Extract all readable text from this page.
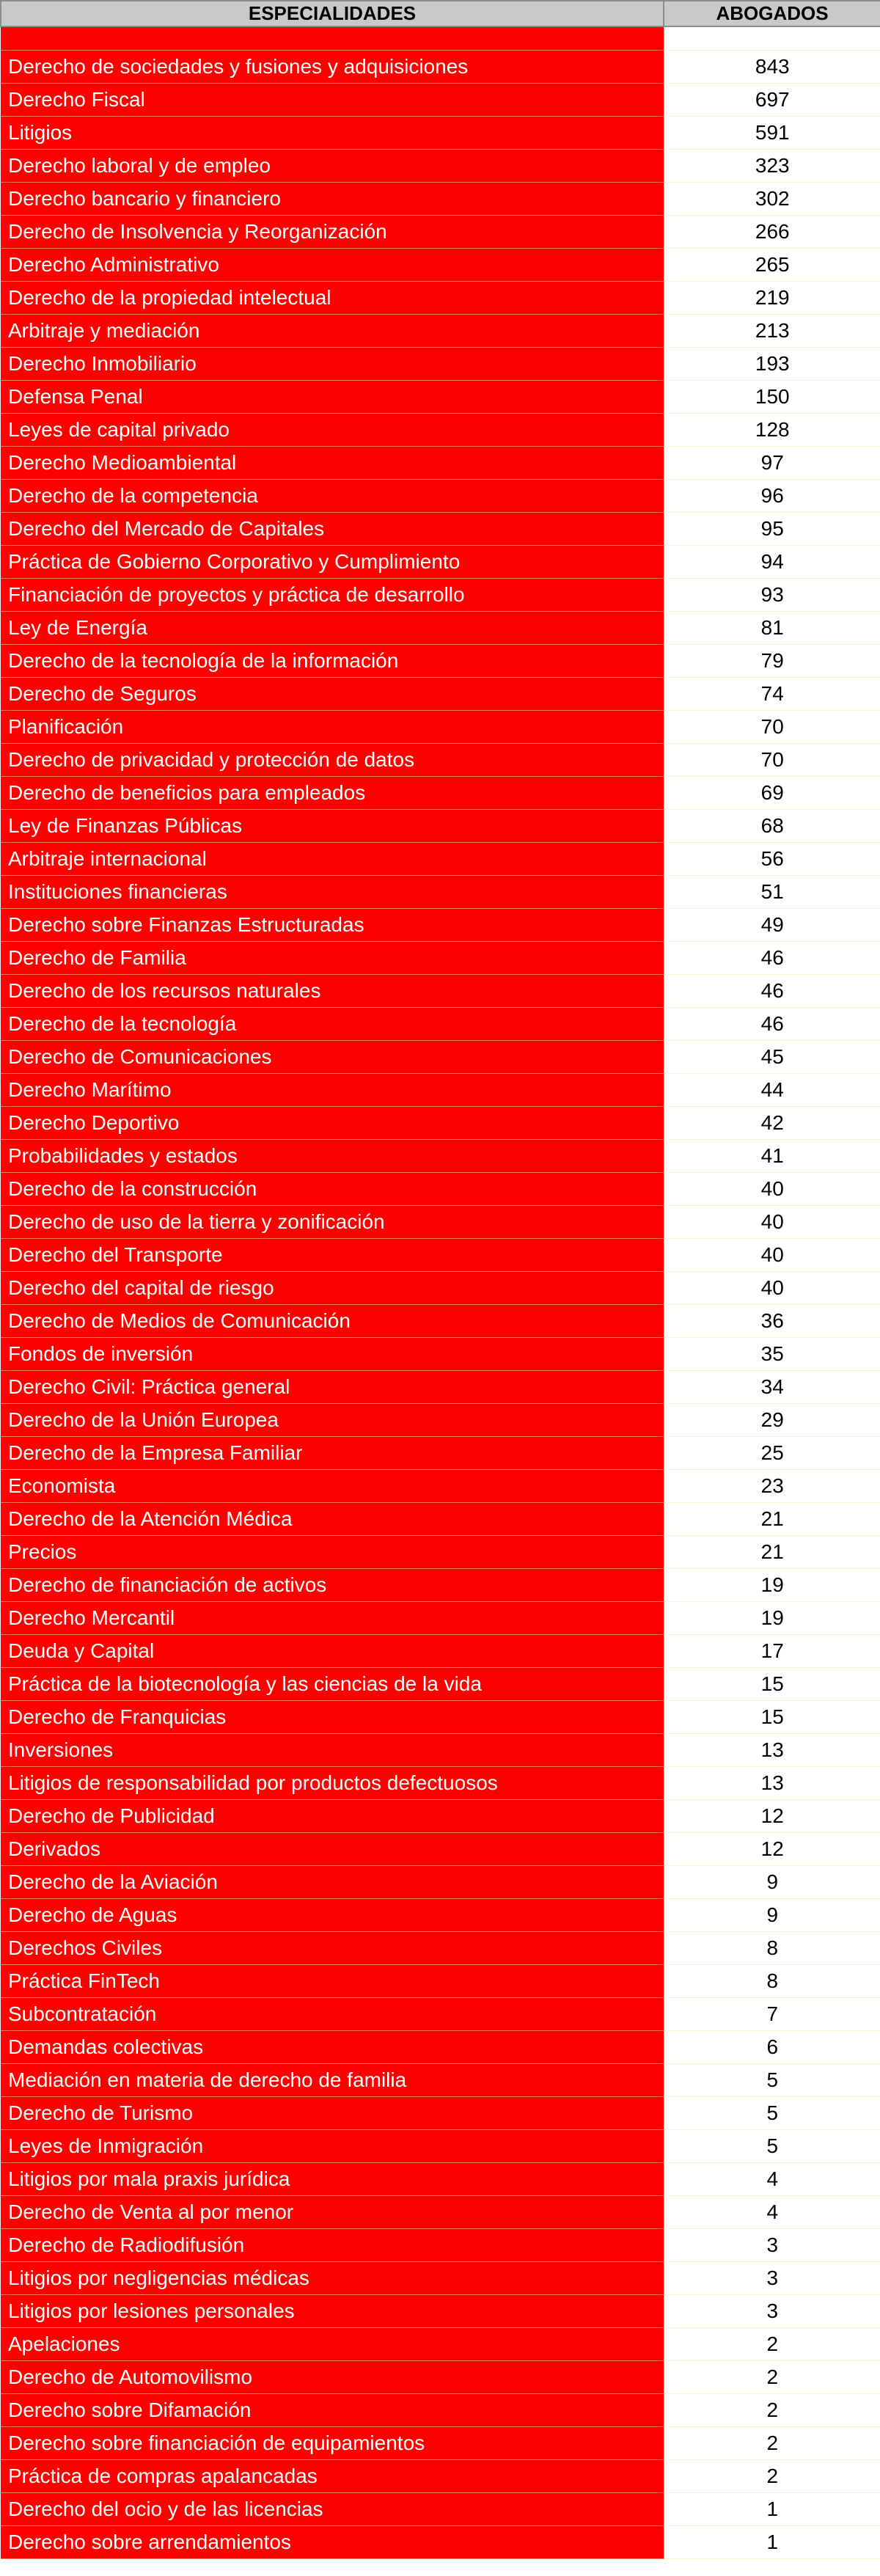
ESPECIALIDADES	ABOGADOS

Derecho de sociedades y fusiones y adquisiciones	843
Derecho Fiscal	697
Litigios	591
Derecho laboral y de empleo	323
Derecho bancario y financiero	302
Derecho de Insolvencia y Reorganización	266
Derecho Administrativo	265
Derecho de la propiedad intelectual	219
Arbitraje y mediación	213
Derecho Inmobiliario	193
Defensa Penal	150
Leyes de capital privado	128
Derecho Medioambiental	97
Derecho de la competencia	96
Derecho del Mercado de Capitales	95
Práctica de Gobierno Corporativo y Cumplimiento	94
Financiación de proyectos y práctica de desarrollo	93
Ley de Energía	81
Derecho de la tecnología de la información	79
Derecho de Seguros	74
Planificación	70
Derecho de privacidad y protección de datos	70
Derecho de beneficios para empleados	69
Ley de Finanzas Públicas	68
Arbitraje internacional	56
Instituciones financieras	51
Derecho sobre Finanzas Estructuradas	49
Derecho de Familia	46
Derecho de los recursos naturales	46
Derecho de la tecnología	46
Derecho de Comunicaciones	45
Derecho Marítimo	44
Derecho Deportivo	42
Probabilidades y estados	41
Derecho de la construcción	40
Derecho de uso de la tierra y zonificación	40
Derecho del Transporte	40
Derecho del capital de riesgo	40
Derecho de Medios de Comunicación	36
Fondos de inversión	35
Derecho Civil: Práctica general	34
Derecho de la Unión Europea	29
Derecho de la Empresa Familiar	25
Economista	23
Derecho de la Atención Médica	21
Precios	21
Derecho de financiación de activos	19
Derecho Mercantil	19
Deuda y Capital	17
Práctica de la biotecnología y las ciencias de la vida	15
Derecho de Franquicias	15
Inversiones	13
Litigios de responsabilidad por productos defectuosos	13
Derecho de Publicidad	12
Derivados	12
Derecho de la Aviación	9
Derecho de Aguas	9
Derechos Civiles	8
Práctica FinTech	8
Subcontratación	7
Demandas colectivas	6
Mediación en materia de derecho de familia	5
Derecho de Turismo	5
Leyes de Inmigración	5
Litigios por mala praxis jurídica	4
Derecho de Venta al por menor	4
Derecho de Radiodifusión	3
Litigios por negligencias médicas	3
Litigios por lesiones personales	3
Apelaciones	2
Derecho de Automovilismo	2
Derecho sobre Difamación	2
Derecho sobre financiación de equipamientos	2
Práctica de compras apalancadas	2
Derecho del ocio y de las licencias	1
Derecho sobre arrendamientos	1
